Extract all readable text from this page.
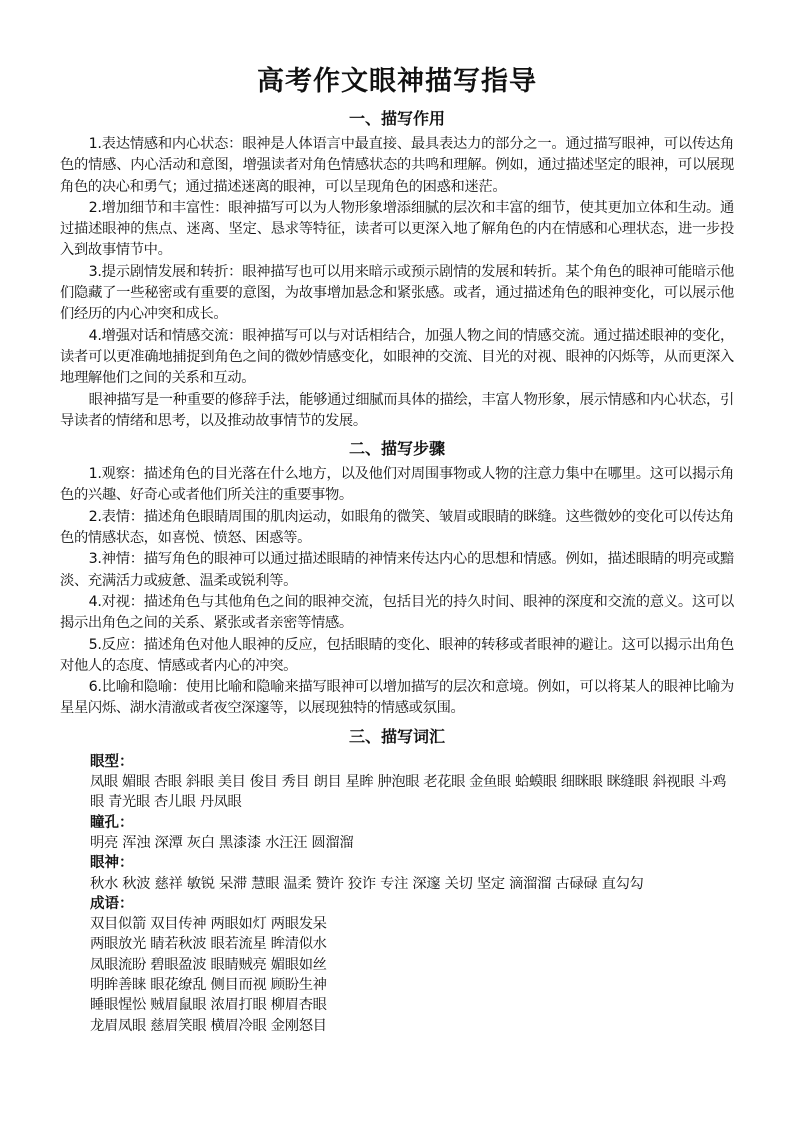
高考作文眼神描写指导
一、描写作用

1.表达情感和内心状态：眼神是人体语言中最直接、最具表达力的部分之一。通过描写眼神，可以传达角色的情感、内心活动和意图，增强读者对角色情感状态的共鸣和理解。例如，通过描述坚定的眼神，可以展现角色的决心和勇气；通过描述迷离的眼神，可以呈现角色的困惑和迷茫。

2.增加细节和丰富性：眼神描写可以为人物形象增添细腻的层次和丰富的细节，使其更加立体和生动。通过描述眼神的焦点、迷离、坚定、恳求等特征，读者可以更深入地了解角色的内在情感和心理状态，进一步投入到故事情节中。

3.提示剧情发展和转折：眼神描写也可以用来暗示或预示剧情的发展和转折。某个角色的眼神可能暗示他们隐藏了一些秘密或有重要的意图，为故事增加悬念和紧张感。或者，通过描述角色的眼神变化，可以展示他们经历的内心冲突和成长。

4.增强对话和情感交流：眼神描写可以与对话相结合，加强人物之间的情感交流。通过描述眼神的变化，读者可以更准确地捕捉到角色之间的微妙情感变化，如眼神的交流、目光的对视、眼神的闪烁等，从而更深入地理解他们之间的关系和互动。

眼神描写是一种重要的修辞手法，能够通过细腻而具体的描绘，丰富人物形象，展示情感和内心状态，引导读者的情绪和思考，以及推动故事情节的发展。

二、描写步骤

1.观察：描述角色的目光落在什么地方，以及他们对周围事物或人物的注意力集中在哪里。这可以揭示角色的兴趣、好奇心或者他们所关注的重要事物。

2.表情：描述角色眼睛周围的肌肉运动，如眼角的微笑、皱眉或眼睛的眯缝。这些微妙的变化可以传达角色的情感状态，如喜悦、愤怒、困惑等。

3.神情：描写角色的眼神可以通过描述眼睛的神情来传达内心的思想和情感。例如，描述眼睛的明亮或黯淡、充满活力或疲惫、温柔或锐利等。

4.对视：描述角色与其他角色之间的眼神交流，包括目光的持久时间、眼神的深度和交流的意义。这可以揭示出角色之间的关系、紧张或者亲密等情感。

5.反应：描述角色对他人眼神的反应，包括眼睛的变化、眼神的转移或者眼神的避让。这可以揭示出角色对他人的态度、情感或者内心的冲突。

6.比喻和隐喻：使用比喻和隐喻来描写眼神可以增加描写的层次和意境。例如，可以将某人的眼神比喻为星星闪烁、湖水清澈或者夜空深邃等，以展现独特的情感或氛围。

三、描写词汇
眼型：
凤眼 媚眼 杏眼 斜眼 美目 俊目 秀目 朗目 星眸 肿泡眼 老花眼 金鱼眼 蛤蟆眼 细眯眼 眯缝眼 斜视眼 斗鸡眼 青光眼 杏儿眼 丹凤眼
瞳孔：
明亮 浑浊 深潭 灰白 黑漆漆 水汪汪 圆溜溜
眼神：
秋水 秋波 慈祥 敏锐 呆滞 慧眼 温柔 赞许 狡诈 专注 深邃 关切 坚定 滴溜溜 古碌碌 直勾勾
成语：
双目似箭 双目传神 两眼如灯 两眼发呆
两眼放光 睛若秋波 眼若流星 眸清似水
凤眼流盼 碧眼盈波 眼睛贼亮 媚眼如丝
明眸善睐 眼花缭乱 侧目而视 顾盼生神
睡眼惺忪 贼眉鼠眼 浓眉打眼 柳眉杏眼
龙眉凤眼 慈眉笑眼 横眉冷眼 金刚怒目
